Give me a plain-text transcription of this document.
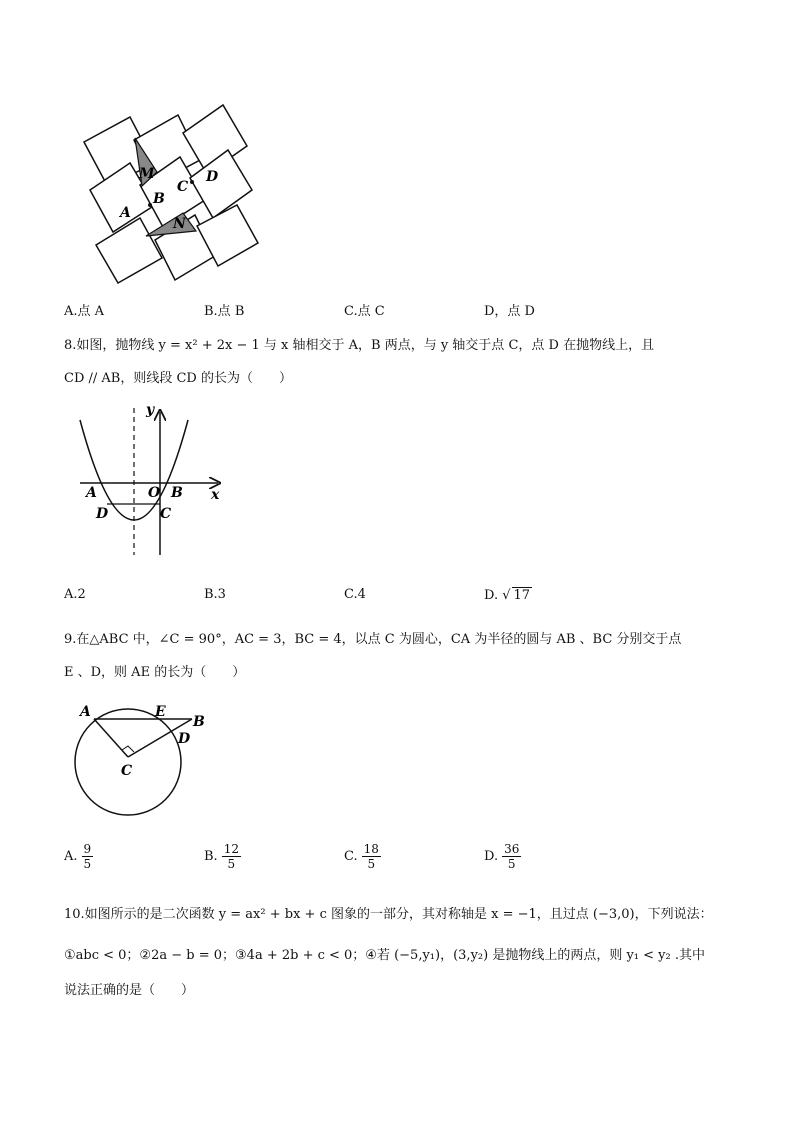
M
C
D
B
A
N
A.点 A	B.点 B	C.点 C	D，点 D
8.如图，抛物线 y = x² + 2x − 1 与 x 轴相交于 A，B 两点，与 y 轴交于点 C，点 D 在抛物线上，且
CD // AB，则线段 CD 的长为（　　）
y
x
A	O B
D	C
A.2	B.3	C.4	D. √ 17
9.在△ABC 中，∠C = 90°，AC = 3，BC = 4，以点 C 为圆心，CA 为半径的圆与 AB 、BC 分别交于点
E 、D，则 AE 的长为（　　）
A	E
B
D
C
A. $\frac{9}{5}$	B. $\frac{12}{5}$	C. $\frac{18}{5}$	D. $\frac{36}{5}$
10.如图所示的是二次函数 y = ax² + bx + c 图象的一部分，其对称轴是 x = −1，且过点 (−3,0)，下列说法：
①abc < 0；②2a − b = 0；③4a + 2b + c < 0；④若 (−5,y₁)，(3,y₂) 是抛物线上的两点，则 y₁ < y₂ .其中
说法正确的是（　　）
